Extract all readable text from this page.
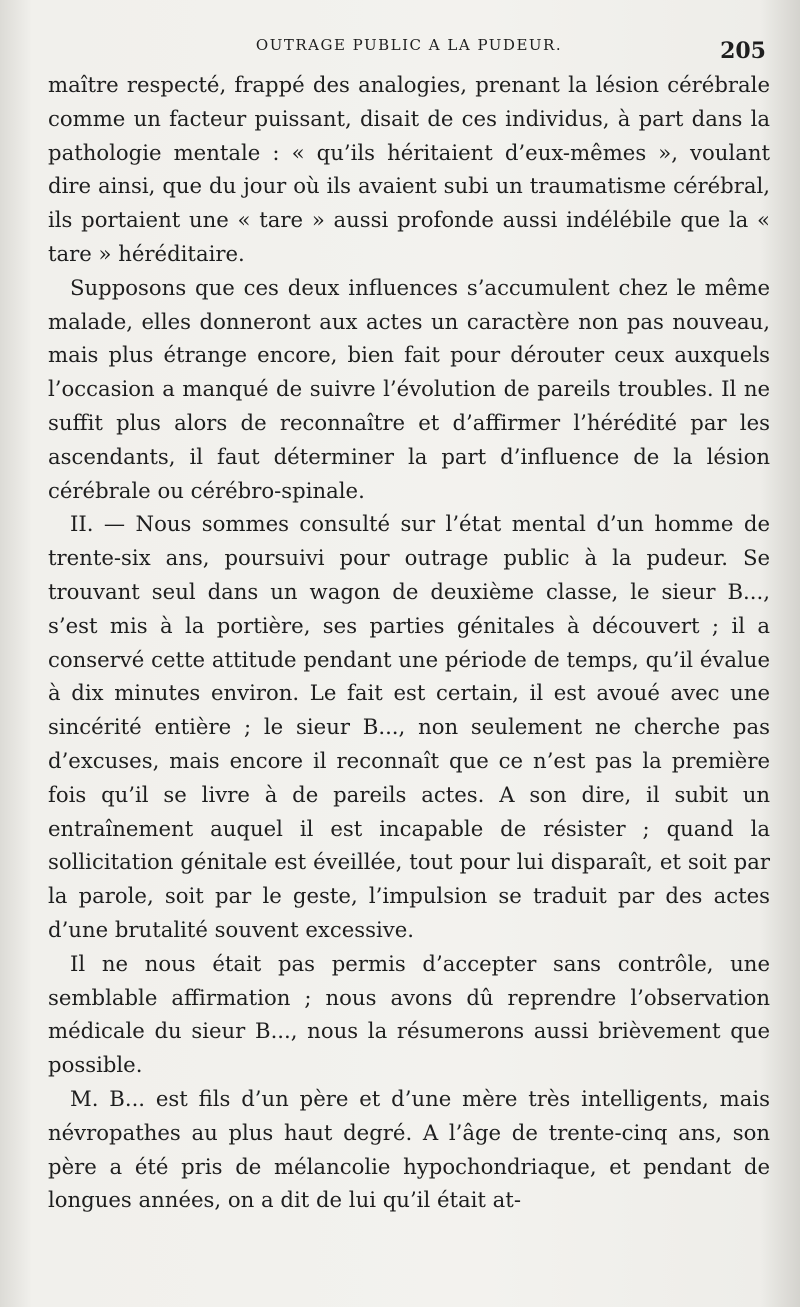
OUTRAGE PUBLIC A LA PUDEUR.	205

maître respecté, frappé des analogies, prenant la lésion cérébrale comme un facteur puissant, disait de ces individus, à part dans la pathologie mentale : « qu’ils héritaient d’eux-mêmes », voulant dire ainsi, que du jour où ils avaient subi un traumatisme cérébral, ils portaient une « tare » aussi profonde aussi indélébile que la « tare » héréditaire.

Supposons que ces deux influences s’accumulent chez le même malade, elles donneront aux actes un caractère non pas nouveau, mais plus étrange encore, bien fait pour dérouter ceux auxquels l’occasion a manqué de suivre l’évolution de pareils troubles. Il ne suffit plus alors de reconnaître et d’affirmer l’hérédité par les ascendants, il faut déterminer la part d’influence de la lésion cérébrale ou cérébro-spinale.

II. — Nous sommes consulté sur l’état mental d’un homme de trente-six ans, poursuivi pour outrage public à la pudeur. Se trouvant seul dans un wagon de deuxième classe, le sieur B..., s’est mis à la portière, ses parties génitales à découvert ; il a conservé cette attitude pendant une période de temps, qu’il évalue à dix minutes environ. Le fait est certain, il est avoué avec une sincérité entière ; le sieur B..., non seulement ne cherche pas d’excuses, mais encore il reconnaît que ce n’est pas la première fois qu’il se livre à de pareils actes. A son dire, il subit un entraînement auquel il est incapable de résister ; quand la sollicitation génitale est éveillée, tout pour lui disparaît, et soit par la parole, soit par le geste, l’impulsion se traduit par des actes d’une brutalité souvent excessive.

Il ne nous était pas permis d’accepter sans contrôle, une semblable affirmation ; nous avons dû reprendre l’observation médicale du sieur B..., nous la résumerons aussi brièvement que possible.

M. B... est fils d’un père et d’une mère très intelligents, mais névropathes au plus haut degré. A l’âge de trente-cinq ans, son père a été pris de mélancolie hypochondriaque, et pendant de longues années, on a dit de lui qu’il était at-
